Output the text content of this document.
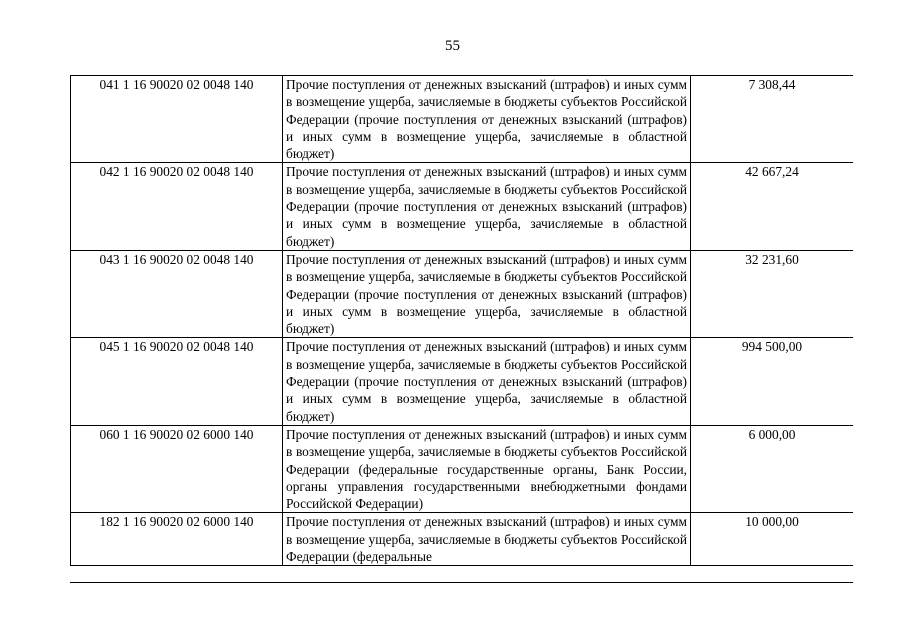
55
041 1 16 90020 02 0048 140	Прочие поступления от денежных взысканий (штрафов) и иных сумм в возмещение ущерба, зачисляемые в бюджеты субъектов Российской Федерации (прочие поступления от денежных взысканий (штрафов) и иных сумм в возмещение ущерба, зачисляемые в областной бюджет)	7 308,44
042 1 16 90020 02 0048 140	Прочие поступления от денежных взысканий (штрафов) и иных сумм в возмещение ущерба, зачисляемые в бюджеты субъектов Российской Федерации (прочие поступления от денежных взысканий (штрафов) и иных сумм в возмещение ущерба, зачисляемые в областной бюджет)	42 667,24
043 1 16 90020 02 0048 140	Прочие поступления от денежных взысканий (штрафов) и иных сумм в возмещение ущерба, зачисляемые в бюджеты субъектов Российской Федерации (прочие поступления от денежных взысканий (штрафов) и иных сумм в возмещение ущерба, зачисляемые в областной бюджет)	32 231,60
045 1 16 90020 02 0048 140	Прочие поступления от денежных взысканий (штрафов) и иных сумм в возмещение ущерба, зачисляемые в бюджеты субъектов Российской Федерации (прочие поступления от денежных взысканий (штрафов) и иных сумм в возмещение ущерба, зачисляемые в областной бюджет)	994 500,00
060 1 16 90020 02 6000 140	Прочие поступления от денежных взысканий (штрафов) и иных сумм в возмещение ущерба, зачисляемые в бюджеты субъектов Российской Федерации (федеральные государственные органы, Банк России, органы управления государственными внебюджетными фондами Российской Федерации)	6 000,00
182 1 16 90020 02 6000 140	Прочие поступления от денежных взысканий (штрафов) и иных сумм в возмещение ущерба, зачисляемые в бюджеты субъектов Российской Федерации (федеральные	10 000,00
